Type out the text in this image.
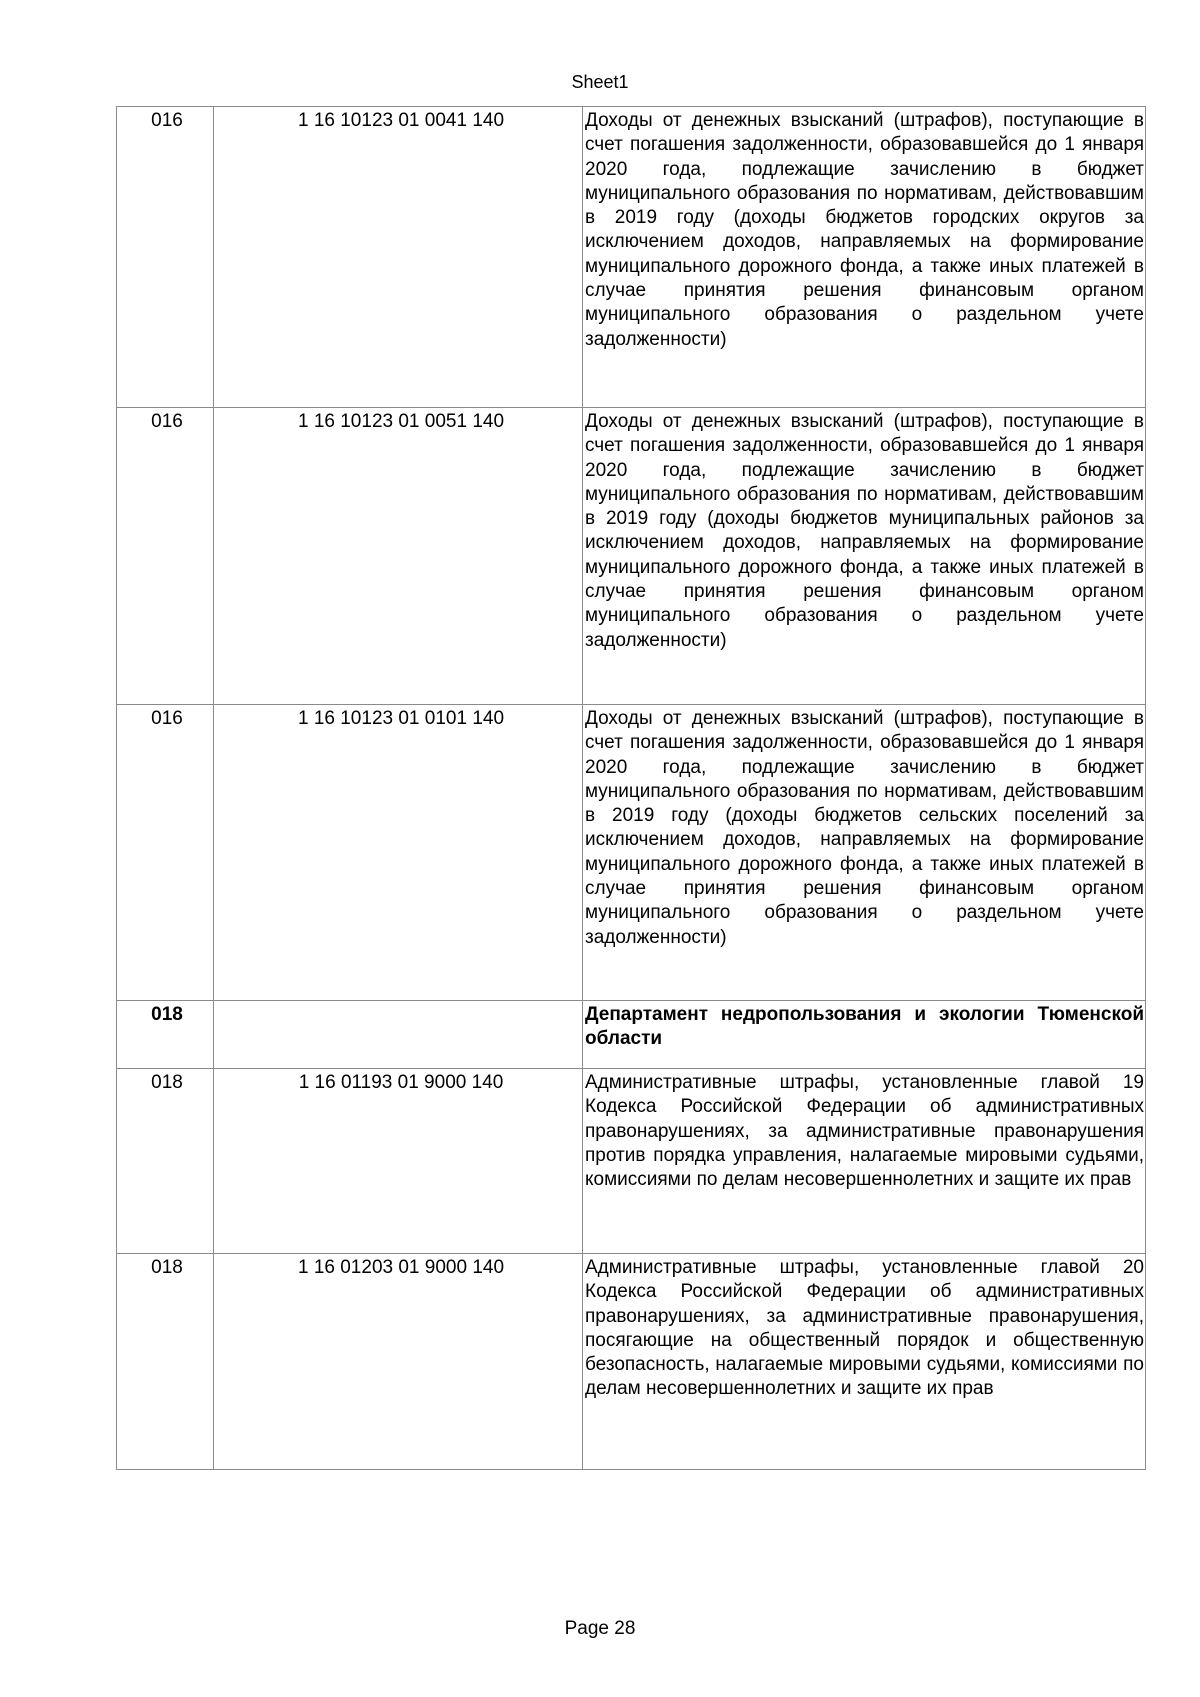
Sheet1
016	1 16 10123 01 0041 140	Доходы от денежных взысканий (штрафов), поступающие в счет погашения задолженности, образовавшейся до 1 января 2020 года, подлежащие зачислению в бюджет муниципального образования по нормативам, действовавшим в 2019 году (доходы бюджетов городских округов за исключением доходов, направляемых на формирование муниципального дорожного фонда, а также иных платежей в случае принятия решения финансовым органом муниципального образования о раздельном учете задолженности)
016	1 16 10123 01 0051 140	Доходы от денежных взысканий (штрафов), поступающие в счет погашения задолженности, образовавшейся до 1 января 2020 года, подлежащие зачислению в бюджет муниципального образования по нормативам, действовавшим в 2019 году (доходы бюджетов муниципальных районов за исключением доходов, направляемых на формирование муниципального дорожного фонда, а также иных платежей в случае принятия решения финансовым органом муниципального образования о раздельном учете задолженности)
016	1 16 10123 01 0101 140	Доходы от денежных взысканий (штрафов), поступающие в счет погашения задолженности, образовавшейся до 1 января 2020 года, подлежащие зачислению в бюджет муниципального образования по нормативам, действовавшим в 2019 году (доходы бюджетов сельских поселений за исключением доходов, направляемых на формирование муниципального дорожного фонда, а также иных платежей в случае принятия решения финансовым органом муниципального образования о раздельном учете задолженности)
018		Департамент недропользования и экологии Тюменской области
018	1 16 01193 01 9000 140	Административные штрафы, установленные главой 19 Кодекса Российской Федерации об административных правонарушениях, за административные правонарушения против порядка управления, налагаемые мировыми судьями, комиссиями по делам несовершеннолетних и защите их прав
018	1 16 01203 01 9000 140	Административные штрафы, установленные главой 20 Кодекса Российской Федерации об административных правонарушениях, за административные правонарушения, посягающие на общественный порядок и общественную безопасность, налагаемые мировыми судьями, комиссиями по делам несовершеннолетних и защите их прав
Page 28
